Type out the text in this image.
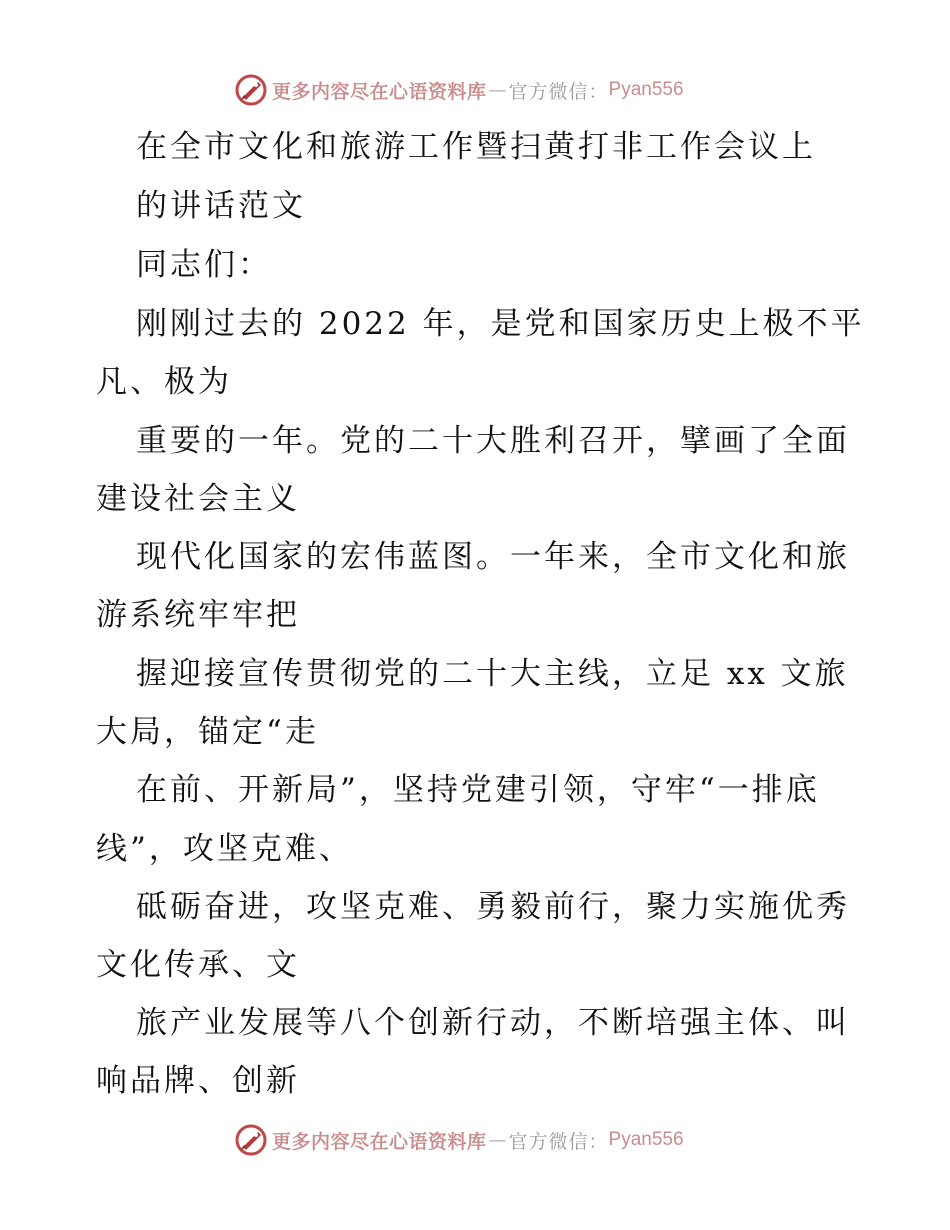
更多内容尽在心语资料库 — 官方微信： Pyan556
在全市文化和旅游工作暨扫黄打非工作会议上
的讲话范文
同志们：
刚刚过去的 2022 年，是党和国家历史上极不平
凡、极为
重要的一年。党的二十大胜利召开，擘画了全面
建设社会主义
现代化国家的宏伟蓝图。一年来，全市文化和旅
游系统牢牢把
握迎接宣传贯彻党的二十大主线，立足 xx 文旅
大局，锚定“走
在前、开新局”，坚持党建引领，守牢“一排底
线”，攻坚克难、
砥砺奋进，攻坚克难、勇毅前行，聚力实施优秀
文化传承、文
旅产业发展等八个创新行动，不断培强主体、叫
响品牌、创新
更多内容尽在心语资料库 — 官方微信： Pyan556
